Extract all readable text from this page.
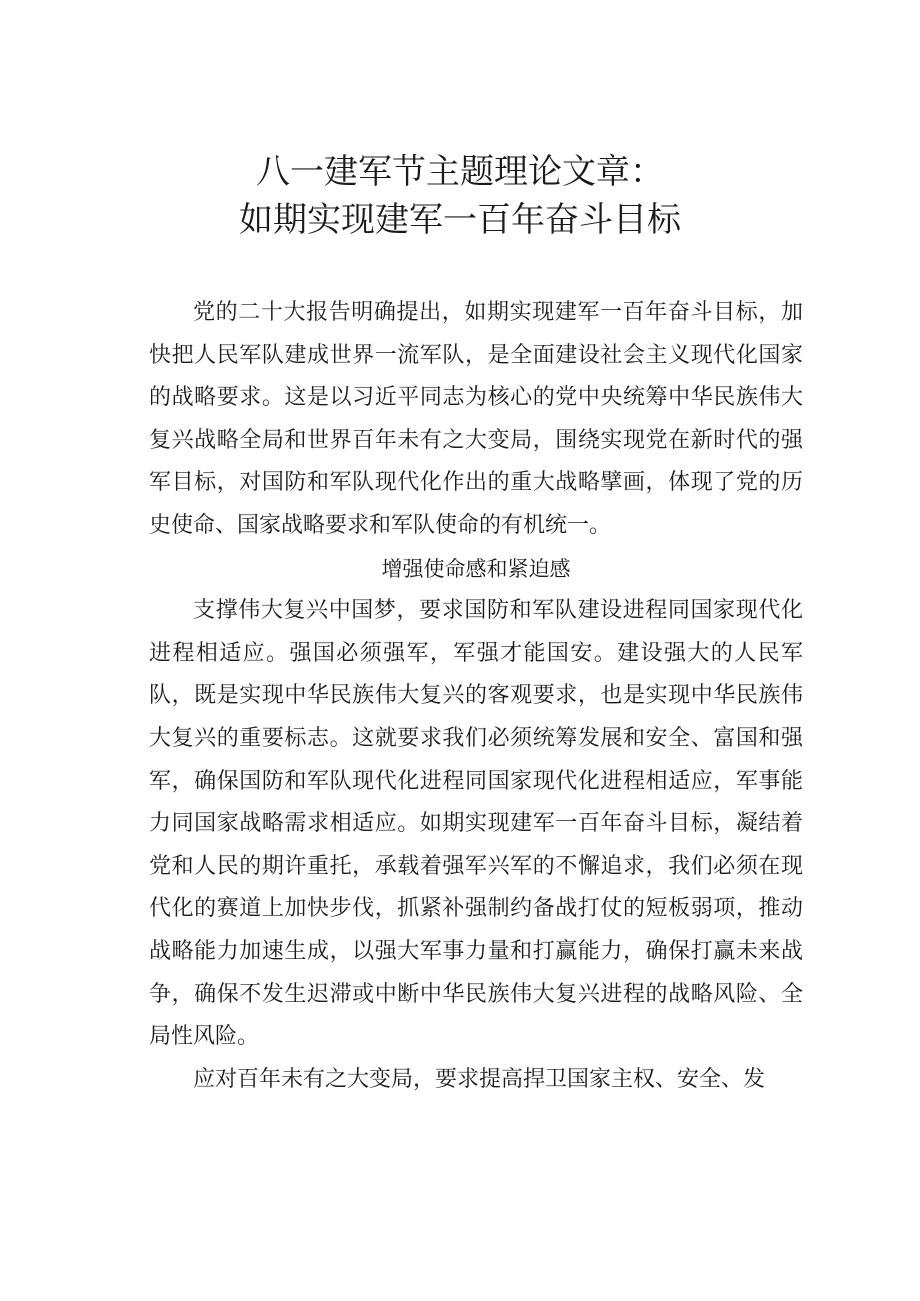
八一建军节主题理论文章：
如期实现建军一百年奋斗目标

党的二十大报告明确提出，如期实现建军一百年奋斗目标，加快把人民军队建成世界一流军队，是全面建设社会主义现代化国家的战略要求。这是以习近平同志为核心的党中央统筹中华民族伟大复兴战略全局和世界百年未有之大变局，围绕实现党在新时代的强军目标，对国防和军队现代化作出的重大战略擘画，体现了党的历史使命、国家战略要求和军队使命的有机统一。

增强使命感和紧迫感

支撑伟大复兴中国梦，要求国防和军队建设进程同国家现代化进程相适应。强国必须强军，军强才能国安。建设强大的人民军队，既是实现中华民族伟大复兴的客观要求，也是实现中华民族伟大复兴的重要标志。这就要求我们必须统筹发展和安全、富国和强军，确保国防和军队现代化进程同国家现代化进程相适应，军事能力同国家战略需求相适应。如期实现建军一百年奋斗目标，凝结着党和人民的期许重托，承载着强军兴军的不懈追求，我们必须在现代化的赛道上加快步伐，抓紧补强制约备战打仗的短板弱项，推动战略能力加速生成，以强大军事力量和打赢能力，确保打赢未来战争，确保不发生迟滞或中断中华民族伟大复兴进程的战略风险、全局性风险。

应对百年未有之大变局，要求提高捍卫国家主权、安全、发
